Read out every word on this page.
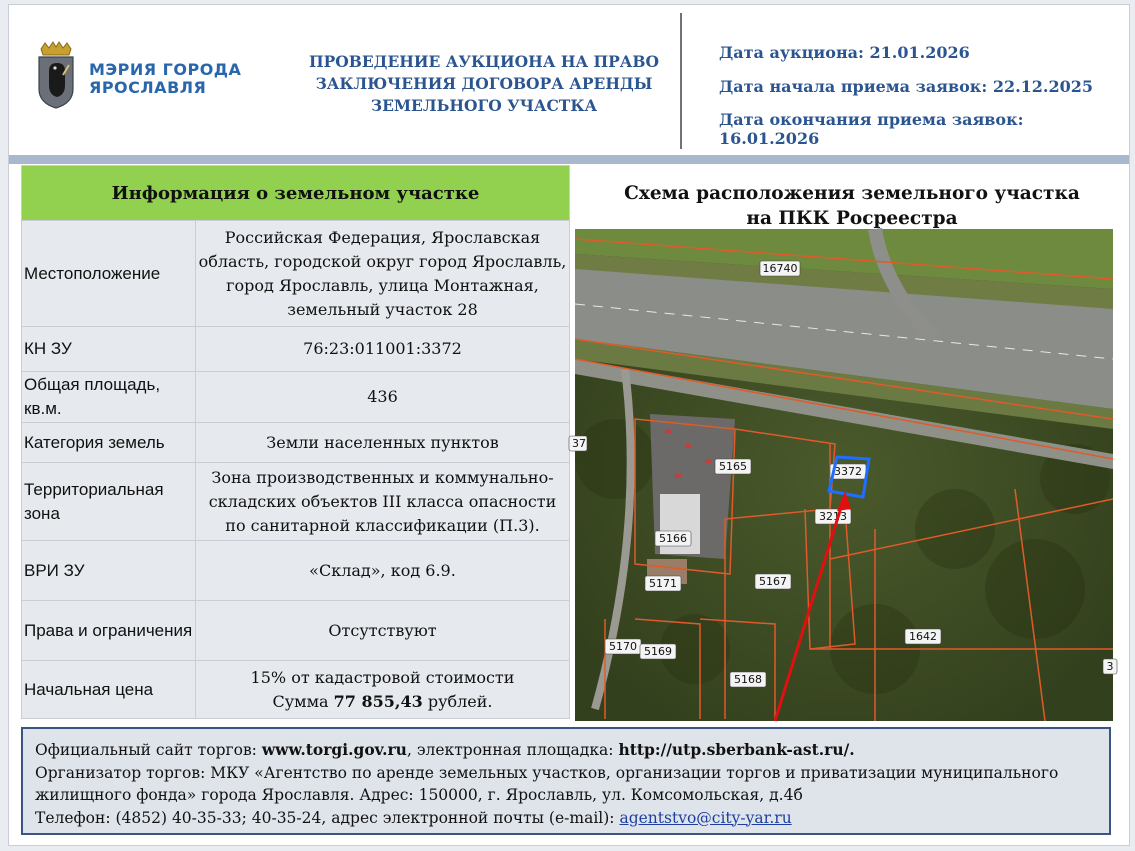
МЭРИЯ ГОРОДА
ЯРОСЛАВЛЯ
ПРОВЕДЕНИЕ АУКЦИОНА НА ПРАВО
ЗАКЛЮЧЕНИЯ ДОГОВОРА АРЕНДЫ
ЗЕМЕЛЬНОГО УЧАСТКА
Дата аукциона: 21.01.2026
Дата начала приема заявок: 22.12.2025
Дата окончания приема заявок: 16.01.2026
Информация о земельном участке	
Местоположение	Российская Федерация, Ярославская область, городской округ город Ярославль, город Ярославль, улица Монтажная, земельный участок 28
КН ЗУ	76:23:011001:3372
Общая площадь, кв.м.	436
Категория земель	Земли населенных пунктов
Территориальная зона	Зона производственных и коммунально-складских объектов III класса опасности по санитарной классификации (П.3).
ВРИ ЗУ	«Склад», код 6.9.
Права и ограничения	Отсутствуют
Начальная цена	15% от кадастровой стоимости
Сумма 77 855,43 рублей.
Схема расположения земельного участка
на ПКК Росреестра
16740
5165	3372
3213
5166
5171	5167
1642
5170 5169
5168
37
3
Официальный сайт торгов: www.torgi.gov.ru, электронная площадка: http://utp.sberbank-ast.ru/.
Организатор торгов: МКУ «Агентство по аренде земельных участков, организации торгов и приватизации муниципального жилищного фонда» города Ярославля. Адрес: 150000, г. Ярославль, ул. Комсомольская, д.4б
Телефон: (4852) 40-35-33; 40-35-24, адрес электронной почты (e-mail): agentstvo@city-yar.ru
